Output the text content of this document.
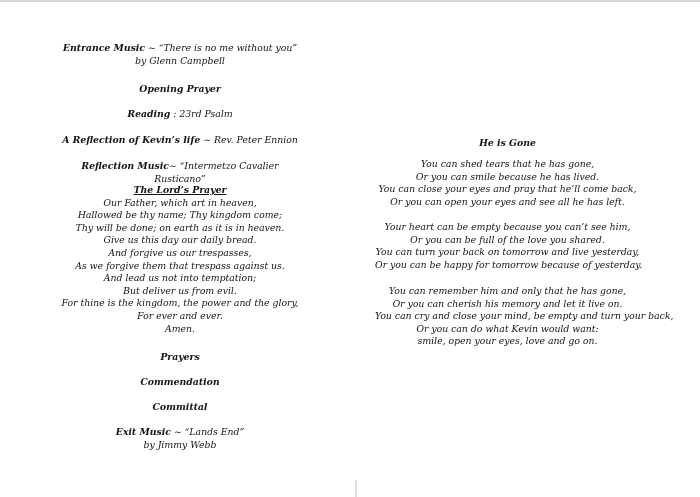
Entrance Music ~ “There is no me without you”
by Glenn Campbell
Opening Prayer
Reading : 23rd Psalm
A Reflection of Kevin’s life ~ Rev. Peter Ennion
Reflection Music~ “Intermetzo Cavalier Rusticano”
The Lord’s Prayer
Our Father, which art in heaven,
Hallowed be thy name; Thy kingdom come;
Thy will be done; on earth as it is in heaven.
Give us this day our daily bread.
And forgive us our trespasses,
As we forgive them that trespass against us.
And lead us not into temptation;
But deliver us from evil.
For thine is the kingdom, the power and the glory,
For ever and ever.
Amen.
Prayers
Commendation
Committal
Exit Music ~ “Lands End”
by Jimmy Webb
He is Gone
You can shed tears that he has gone,
Or you can smile because he has lived.
You can close your eyes and pray that he’ll come back,
Or you can open your eyes and see all he has left.
Your heart can be empty because you can’t see him,
Or you can be full of the love you shared.
You can turn your back on tomorrow and live yesterday,
Or you can be happy for tomorrow because of yesterday.
You can remember him and only that he has gone,
Or you can cherish his memory and let it live on.
You can cry and close your mind, be empty and turn your back,
Or you can do what Kevin would want:
smile, open your eyes, love and go on.
